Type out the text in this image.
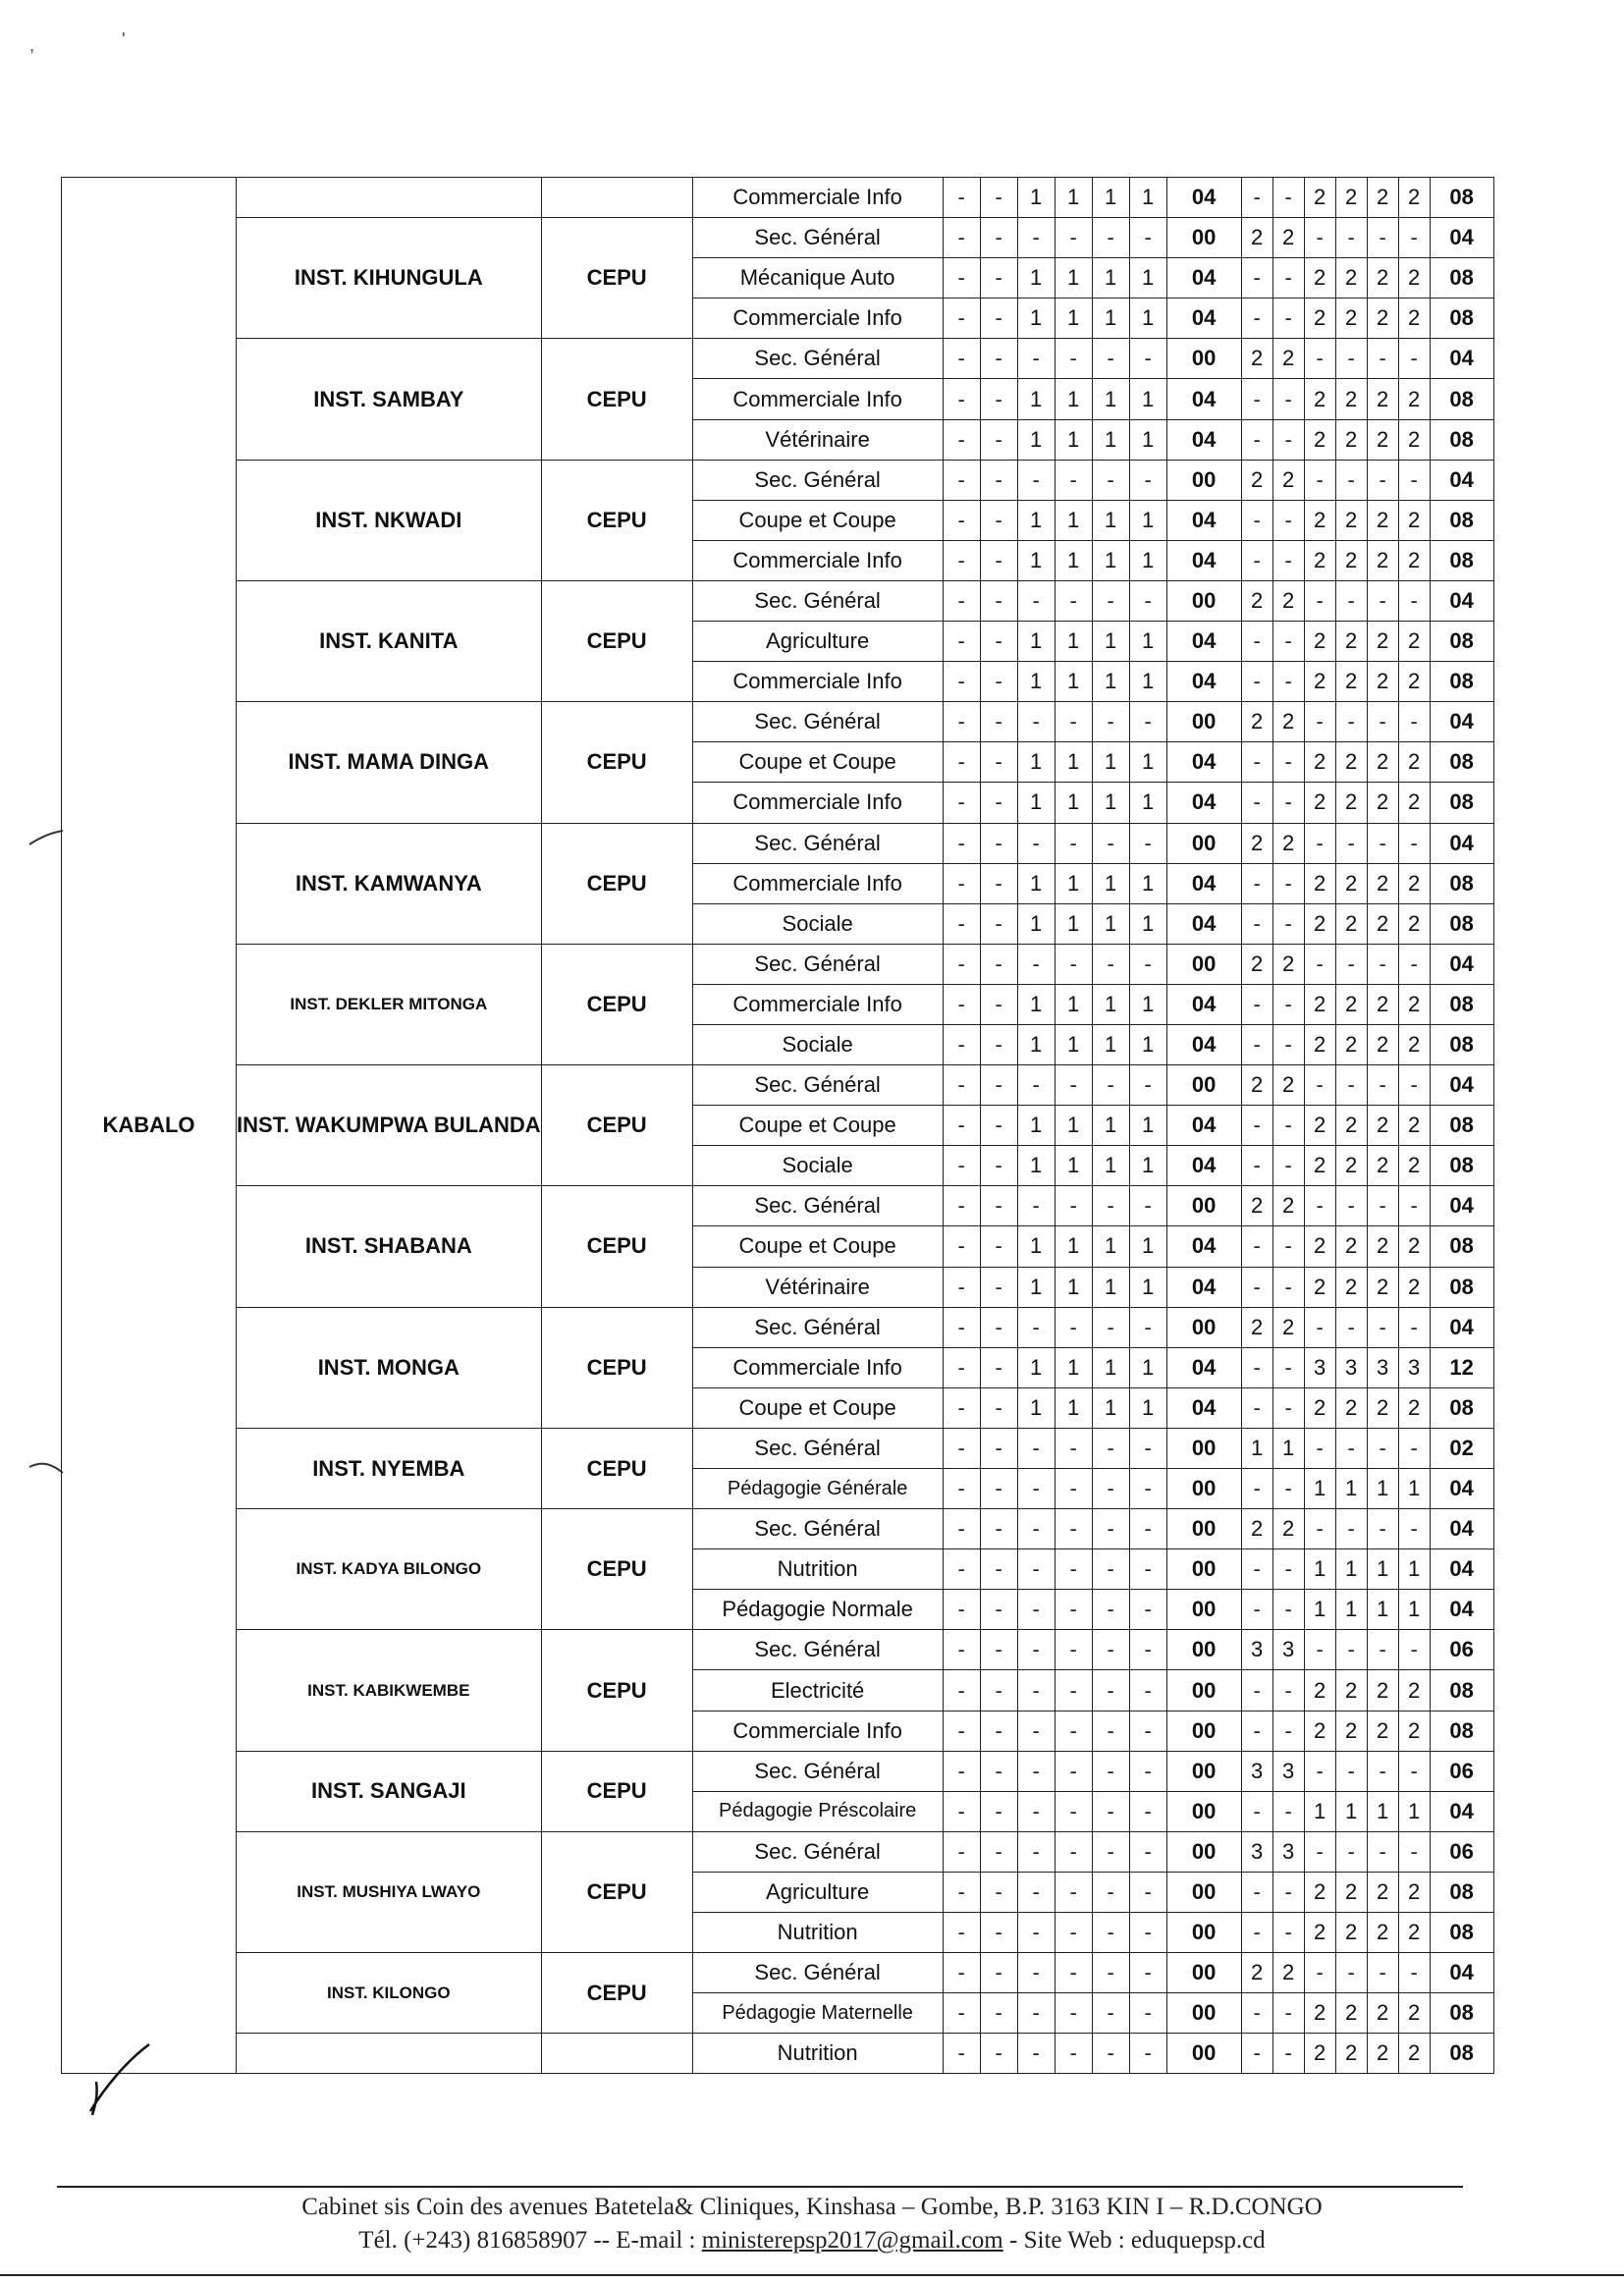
,	'
KABALO			Commerciale Info	-	-	1	1	1	1	04	-	-	2	2	2	2	08
	INST. KIHUNGULA	CEPU	Sec. Général	-	-	-	-	-	-	00	2	2	-	-	-	-	04
			Mécanique Auto	-	-	1	1	1	1	04	-	-	2	2	2	2	08
			Commerciale Info	-	-	1	1	1	1	04	-	-	2	2	2	2	08
	INST. SAMBAY	CEPU	Sec. Général	-	-	-	-	-	-	00	2	2	-	-	-	-	04
			Commerciale Info	-	-	1	1	1	1	04	-	-	2	2	2	2	08
			Vétérinaire	-	-	1	1	1	1	04	-	-	2	2	2	2	08
	INST. NKWADI	CEPU	Sec. Général	-	-	-	-	-	-	00	2	2	-	-	-	-	04
			Coupe et Coupe	-	-	1	1	1	1	04	-	-	2	2	2	2	08
			Commerciale Info	-	-	1	1	1	1	04	-	-	2	2	2	2	08
	INST. KANITA	CEPU	Sec. Général	-	-	-	-	-	-	00	2	2	-	-	-	-	04
			Agriculture	-	-	1	1	1	1	04	-	-	2	2	2	2	08
			Commerciale Info	-	-	1	1	1	1	04	-	-	2	2	2	2	08
	INST. MAMA DINGA	CEPU	Sec. Général	-	-	-	-	-	-	00	2	2	-	-	-	-	04
			Coupe et Coupe	-	-	1	1	1	1	04	-	-	2	2	2	2	08
			Commerciale Info	-	-	1	1	1	1	04	-	-	2	2	2	2	08
	INST. KAMWANYA	CEPU	Sec. Général	-	-	-	-	-	-	00	2	2	-	-	-	-	04
			Commerciale Info	-	-	1	1	1	1	04	-	-	2	2	2	2	08
			Sociale	-	-	1	1	1	1	04	-	-	2	2	2	2	08
	INST. DEKLER MITONGA	CEPU	Sec. Général	-	-	-	-	-	-	00	2	2	-	-	-	-	04
			Commerciale Info	-	-	1	1	1	1	04	-	-	2	2	2	2	08
			Sociale	-	-	1	1	1	1	04	-	-	2	2	2	2	08
	INST. WAKUMPWA BULANDA	CEPU	Sec. Général	-	-	-	-	-	-	00	2	2	-	-	-	-	04
			Coupe et Coupe	-	-	1	1	1	1	04	-	-	2	2	2	2	08
			Sociale	-	-	1	1	1	1	04	-	-	2	2	2	2	08
	INST. SHABANA	CEPU	Sec. Général	-	-	-	-	-	-	00	2	2	-	-	-	-	04
			Coupe et Coupe	-	-	1	1	1	1	04	-	-	2	2	2	2	08
			Vétérinaire	-	-	1	1	1	1	04	-	-	2	2	2	2	08
	INST. MONGA	CEPU	Sec. Général	-	-	-	-	-	-	00	2	2	-	-	-	-	04
			Commerciale Info	-	-	1	1	1	1	04	-	-	3	3	3	3	12
			Coupe et Coupe	-	-	1	1	1	1	04	-	-	2	2	2	2	08
	INST. NYEMBA	CEPU	Sec. Général	-	-	-	-	-	-	00	1	1	-	-	-	-	02
			Pédagogie Générale	-	-	-	-	-	-	00	-	-	1	1	1	1	04
	INST. KADYA BILONGO	CEPU	Sec. Général	-	-	-	-	-	-	00	2	2	-	-	-	-	04
			Nutrition	-	-	-	-	-	-	00	-	-	1	1	1	1	04
			Pédagogie Normale	-	-	-	-	-	-	00	-	-	1	1	1	1	04
	INST. KABIKWEMBE	CEPU	Sec. Général	-	-	-	-	-	-	00	3	3	-	-	-	-	06
			Electricité	-	-	-	-	-	-	00	-	-	2	2	2	2	08
			Commerciale Info	-	-	-	-	-	-	00	-	-	2	2	2	2	08
	INST. SANGAJI	CEPU	Sec. Général	-	-	-	-	-	-	00	3	3	-	-	-	-	06
			Pédagogie Préscolaire	-	-	-	-	-	-	00	-	-	1	1	1	1	04
	INST. MUSHIYA LWAYO	CEPU	Sec. Général	-	-	-	-	-	-	00	3	3	-	-	-	-	06
			Agriculture	-	-	-	-	-	-	00	-	-	2	2	2	2	08
			Nutrition	-	-	-	-	-	-	00	-	-	2	2	2	2	08
	INST. KILONGO	CEPU	Sec. Général	-	-	-	-	-	-	00	2	2	-	-	-	-	04
			Pédagogie Maternelle	-	-	-	-	-	-	00	-	-	2	2	2	2	08
			Nutrition	-	-	-	-	-	-	00	-	-	2	2	2	2	08
Cabinet sis Coin des avenues Batetela& Cliniques, Kinshasa – Gombe, B.P. 3163 KIN I – R.D.CONGO
Tél. (+243) 816858907 -- E-mail : ministerepsp2017@gmail.com - Site Web : eduquepsp.cd
